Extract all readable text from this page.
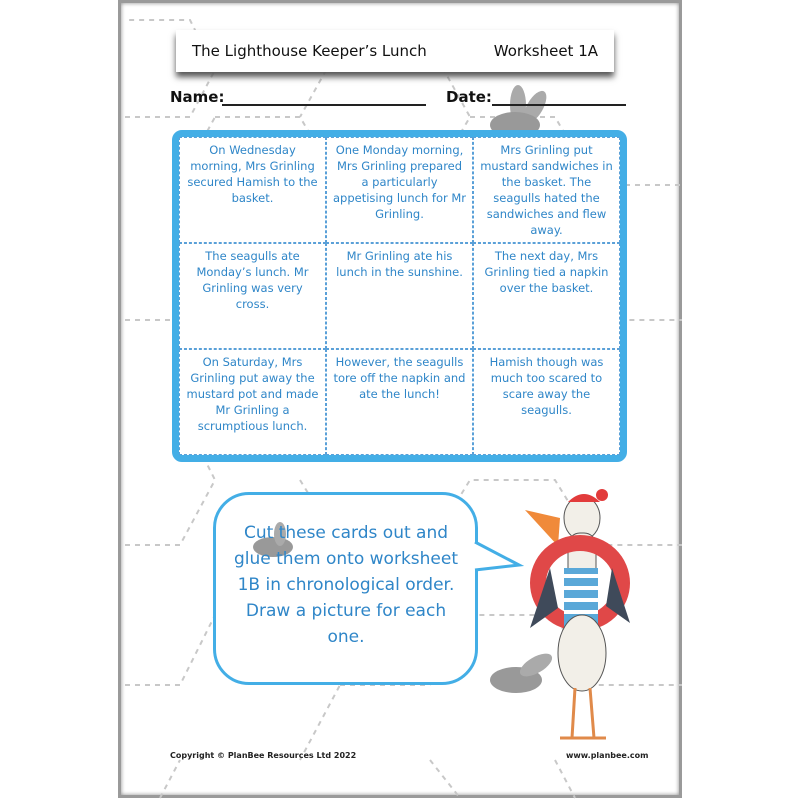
The Lighthouse Keeper’s Lunch	Worksheet 1A
Name:	Date:
On Wednesday morning, Mrs Grinling secured Hamish to the basket.
One Monday morning, Mrs Grinling prepared a particularly appetising lunch for Mr Grinling.
Mrs Grinling put mustard sandwiches in the basket. The seagulls hated the sandwiches and flew away.
The seagulls ate Monday’s lunch. Mr Grinling was very cross.
Mr Grinling ate his lunch in the sunshine.
The next day, Mrs Grinling tied a napkin over the basket.
On Saturday, Mrs Grinling put away the mustard pot and made Mr Grinling a scrumptious lunch.
However, the seagulls tore off the napkin and ate the lunch!
Hamish though was much too scared to scare away the seagulls.
Cut these cards out and glue them onto worksheet 1B in chronological order. Draw a picture for each one.
Copyright © PlanBee Resources Ltd 2022	www.planbee.com
